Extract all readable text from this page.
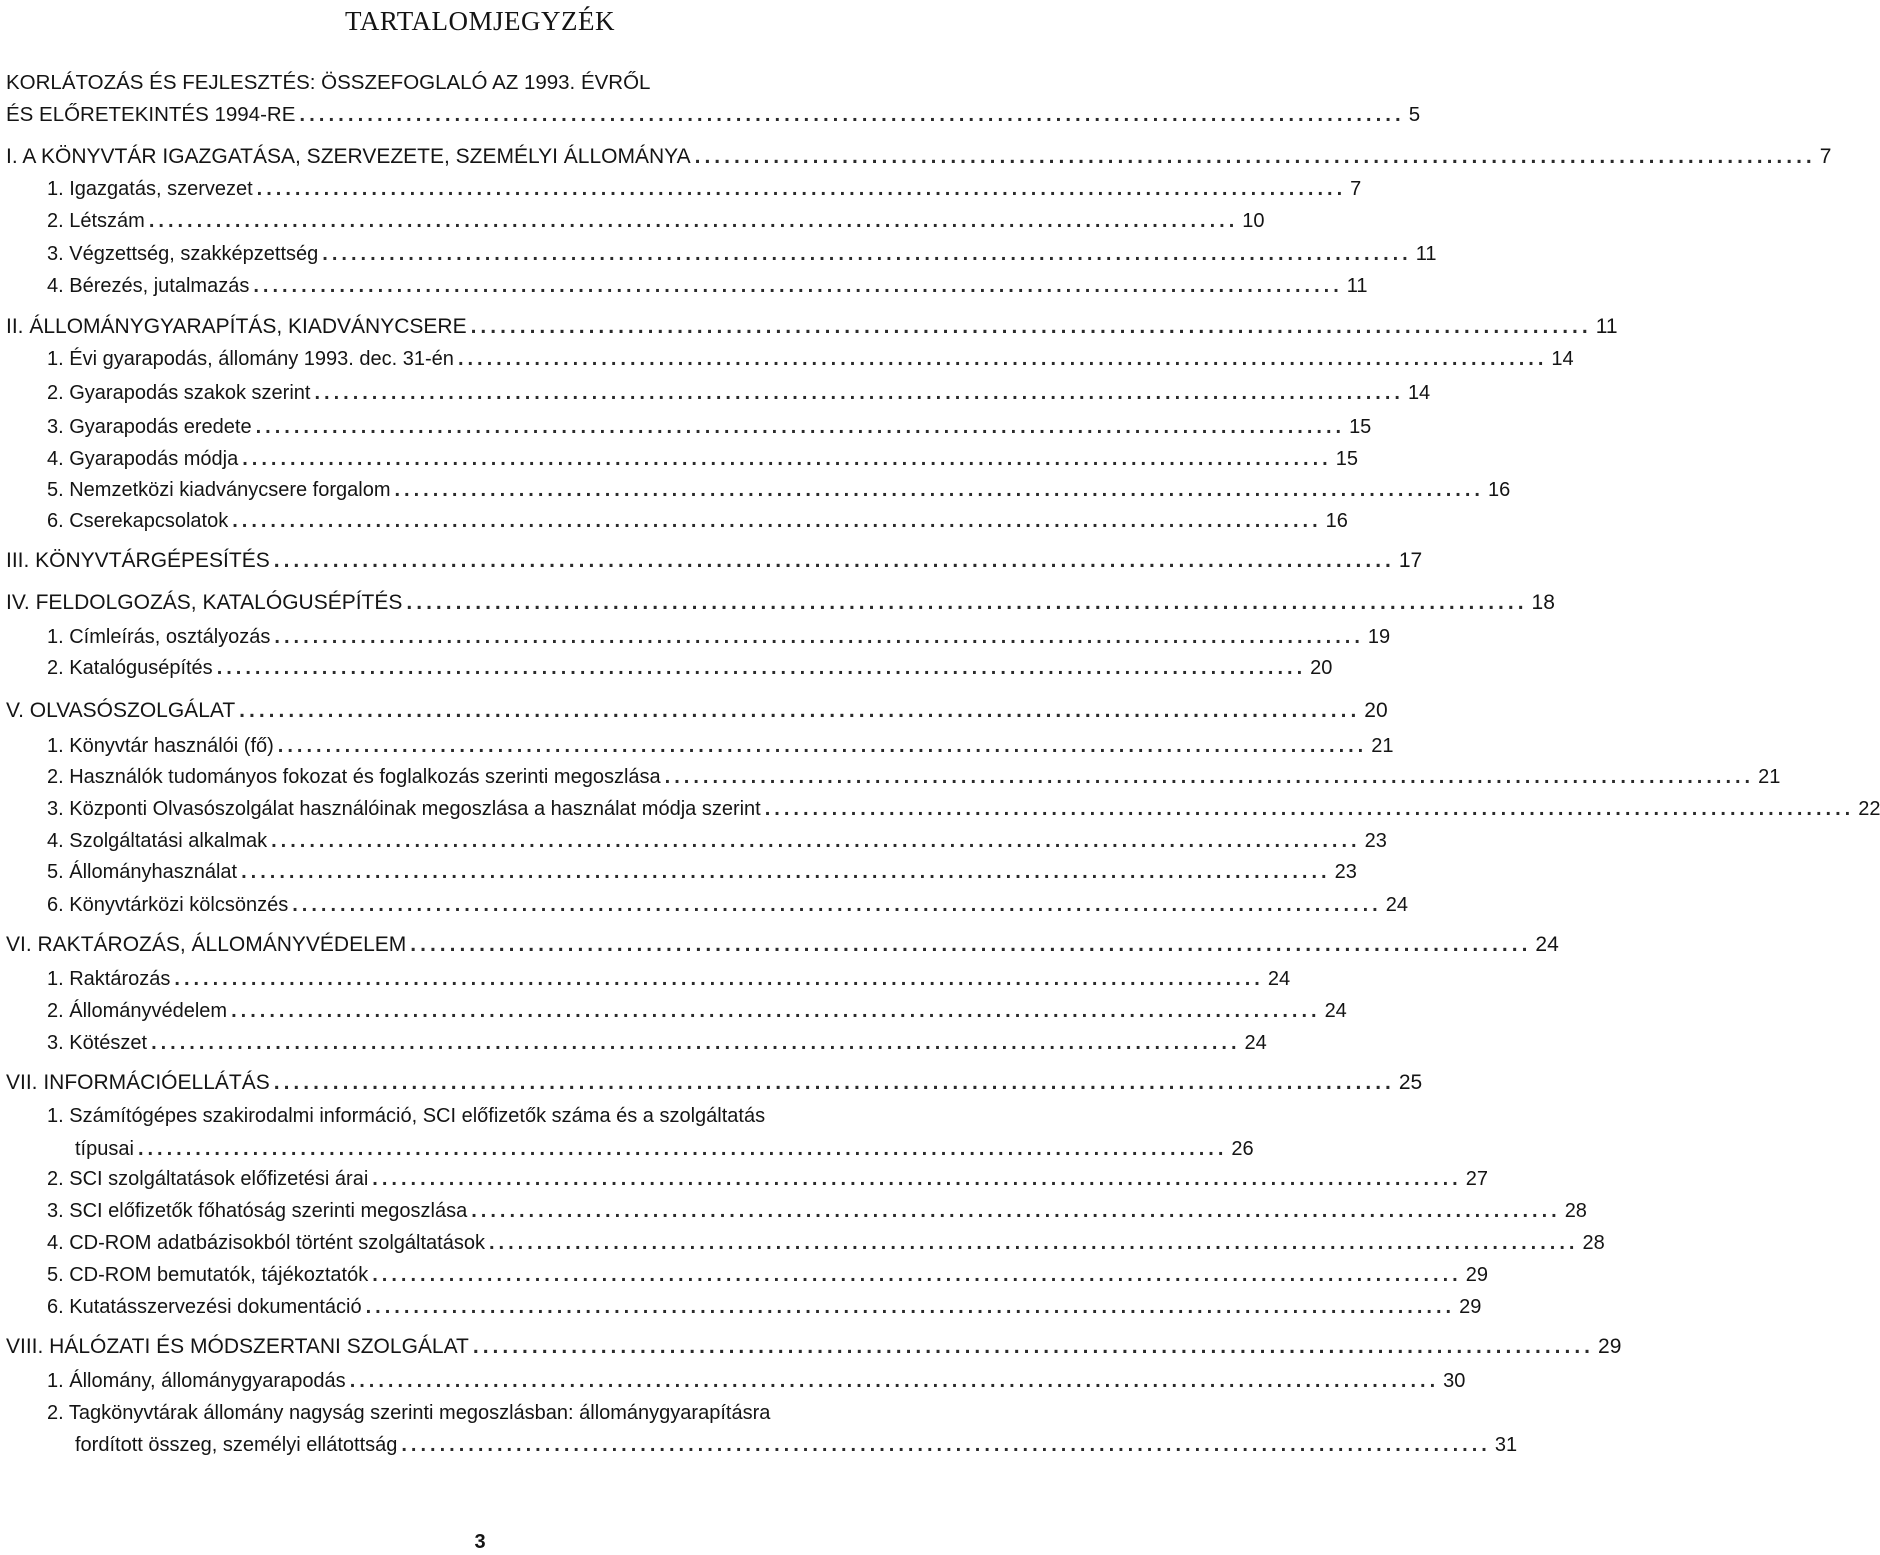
TARTALOMJEGYZÉK
KORLÁTOZÁS ÉS FEJLESZTÉS: ÖSSZEFOGLALÓ AZ 1993. ÉVRŐL
ÉS ELŐRETEKINTÉS 1994-RE .................................................................................................................. 5
I. A KÖNYVTÁR IGAZGATÁSA, SZERVEZETE, SZEMÉLYI ÁLLOMÁNYA .................................................................................................................. 7
1. Igazgatás, szervezet .................................................................................................................. 7
2. Létszám .................................................................................................................. 10
3. Végzettség, szakképzettség .................................................................................................................. 11
4. Bérezés, jutalmazás .................................................................................................................. 11
II. ÁLLOMÁNYGYARAPÍTÁS, KIADVÁNYCSERE .................................................................................................................. 11
1. Évi gyarapodás, állomány 1993. dec. 31-én .................................................................................................................. 14
2. Gyarapodás szakok szerint .................................................................................................................. 14
3. Gyarapodás eredete .................................................................................................................. 15
4. Gyarapodás módja .................................................................................................................. 15
5. Nemzetközi kiadványcsere forgalom .................................................................................................................. 16
6. Cserekapcsolatok .................................................................................................................. 16
III. KÖNYVTÁRGÉPESÍTÉS .................................................................................................................. 17
IV. FELDOLGOZÁS, KATALÓGUSÉPÍTÉS .................................................................................................................. 18
1. Címleírás, osztályozás .................................................................................................................. 19
2. Katalógusépítés .................................................................................................................. 20
V. OLVASÓSZOLGÁLAT .................................................................................................................. 20
1. Könyvtár használói (fő) .................................................................................................................. 21
2. Használók tudományos fokozat és foglalkozás szerinti megoszlása .................................................................................................................. 21
3. Központi Olvasószolgálat használóinak megoszlása a használat módja szerint .................................................................................................................. 22
4. Szolgáltatási alkalmak .................................................................................................................. 23
5. Állományhasználat .................................................................................................................. 23
6. Könyvtárközi kölcsönzés .................................................................................................................. 24
VI. RAKTÁROZÁS, ÁLLOMÁNYVÉDELEM .................................................................................................................. 24
1. Raktározás .................................................................................................................. 24
2. Állományvédelem .................................................................................................................. 24
3. Kötészet .................................................................................................................. 24
VII. INFORMÁCIÓELLÁTÁS .................................................................................................................. 25
1. Számítógépes szakirodalmi információ, SCI előfizetők száma és a szolgáltatás
típusai .................................................................................................................. 26
2. SCI szolgáltatások előfizetési árai .................................................................................................................. 27
3. SCI előfizetők főhatóság szerinti megoszlása .................................................................................................................. 28
4. CD-ROM adatbázisokból történt szolgáltatások .................................................................................................................. 28
5. CD-ROM bemutatók, tájékoztatók .................................................................................................................. 29
6. Kutatásszervezési dokumentáció .................................................................................................................. 29
VIII. HÁLÓZATI ÉS MÓDSZERTANI SZOLGÁLAT .................................................................................................................. 29
1. Állomány, állománygyarapodás .................................................................................................................. 30
2. Tagkönyvtárak állomány nagyság szerinti megoszlásban: állománygyarapításra
fordított összeg, személyi ellátottság .................................................................................................................. 31
3
